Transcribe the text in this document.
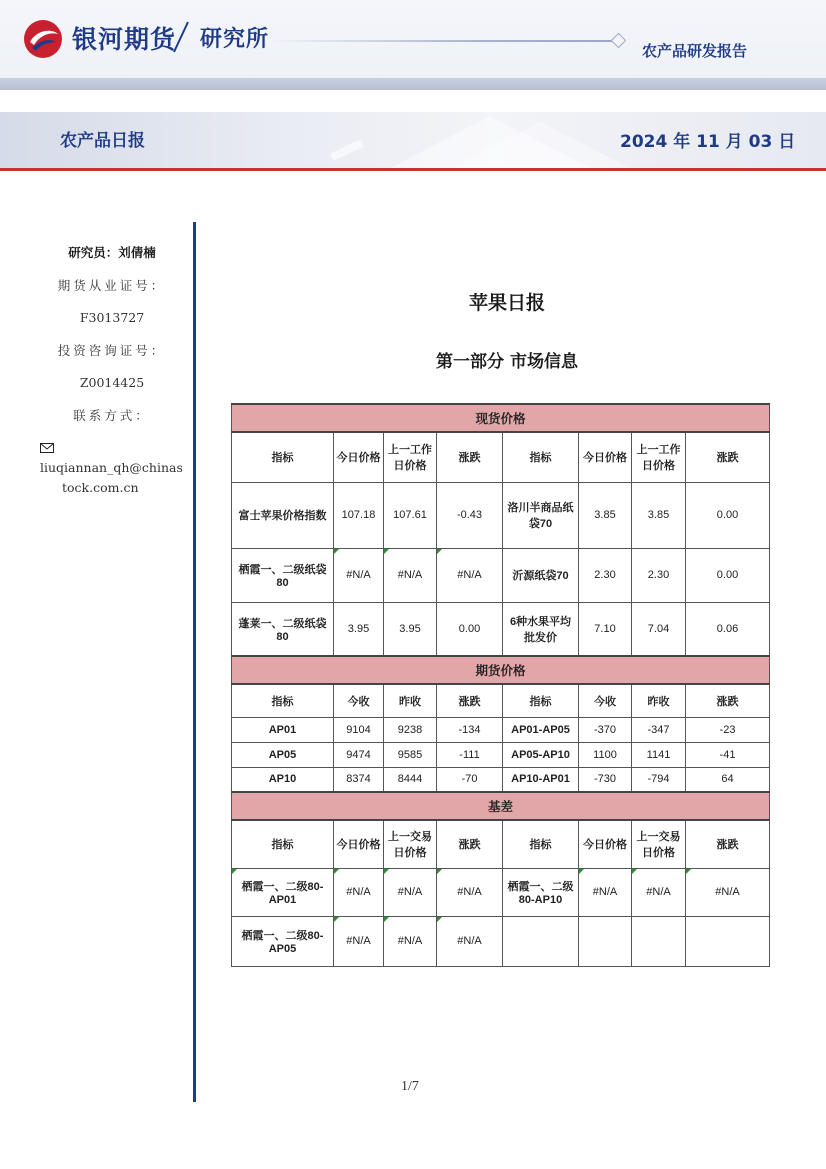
银河期货 研究所	农产品研发报告
农产品日报	2024 年 11 月 03 日
研究员：刘倩楠
期货从业证号：
F3013727
投资咨询证号：
Z0014425
联系方式：
liuqiannan_qh@chinas
tock.com.cn
苹果日报
第一部分 市场信息
现货价格							
指标	今日价格	上一工作日价格	涨跌	指标	今日价格	上一工作日价格	涨跌
富士苹果价格指数	107.18	107.61	-0.43	洛川半商品纸袋70	3.85	3.85	0.00
栖霞一、二级纸袋 80	#N/A	#N/A	#N/A	沂源纸袋70	2.30	2.30	0.00
蓬莱一、二级纸袋 80	3.95	3.95	0.00	6种水果平均批发价	7.10	7.04	0.06
期货价格							
指标	今收	昨收	涨跌	指标	今收	昨收	涨跌
AP01	9104	9238	-134	AP01-AP05	-370	-347	-23
AP05	9474	9585	-111	AP05-AP10	1100	1141	-41
AP10	8374	8444	-70	AP10-AP01	-730	-794	64
基差							
指标	今日价格	上一交易日价格	涨跌	指标	今日价格	上一交易日价格	涨跌
栖霞一、二级80-AP01	#N/A	#N/A	#N/A	栖霞一、二级80-AP10	#N/A	#N/A	#N/A
栖霞一、二级80-AP05	#N/A	#N/A	#N/A				
1/7
